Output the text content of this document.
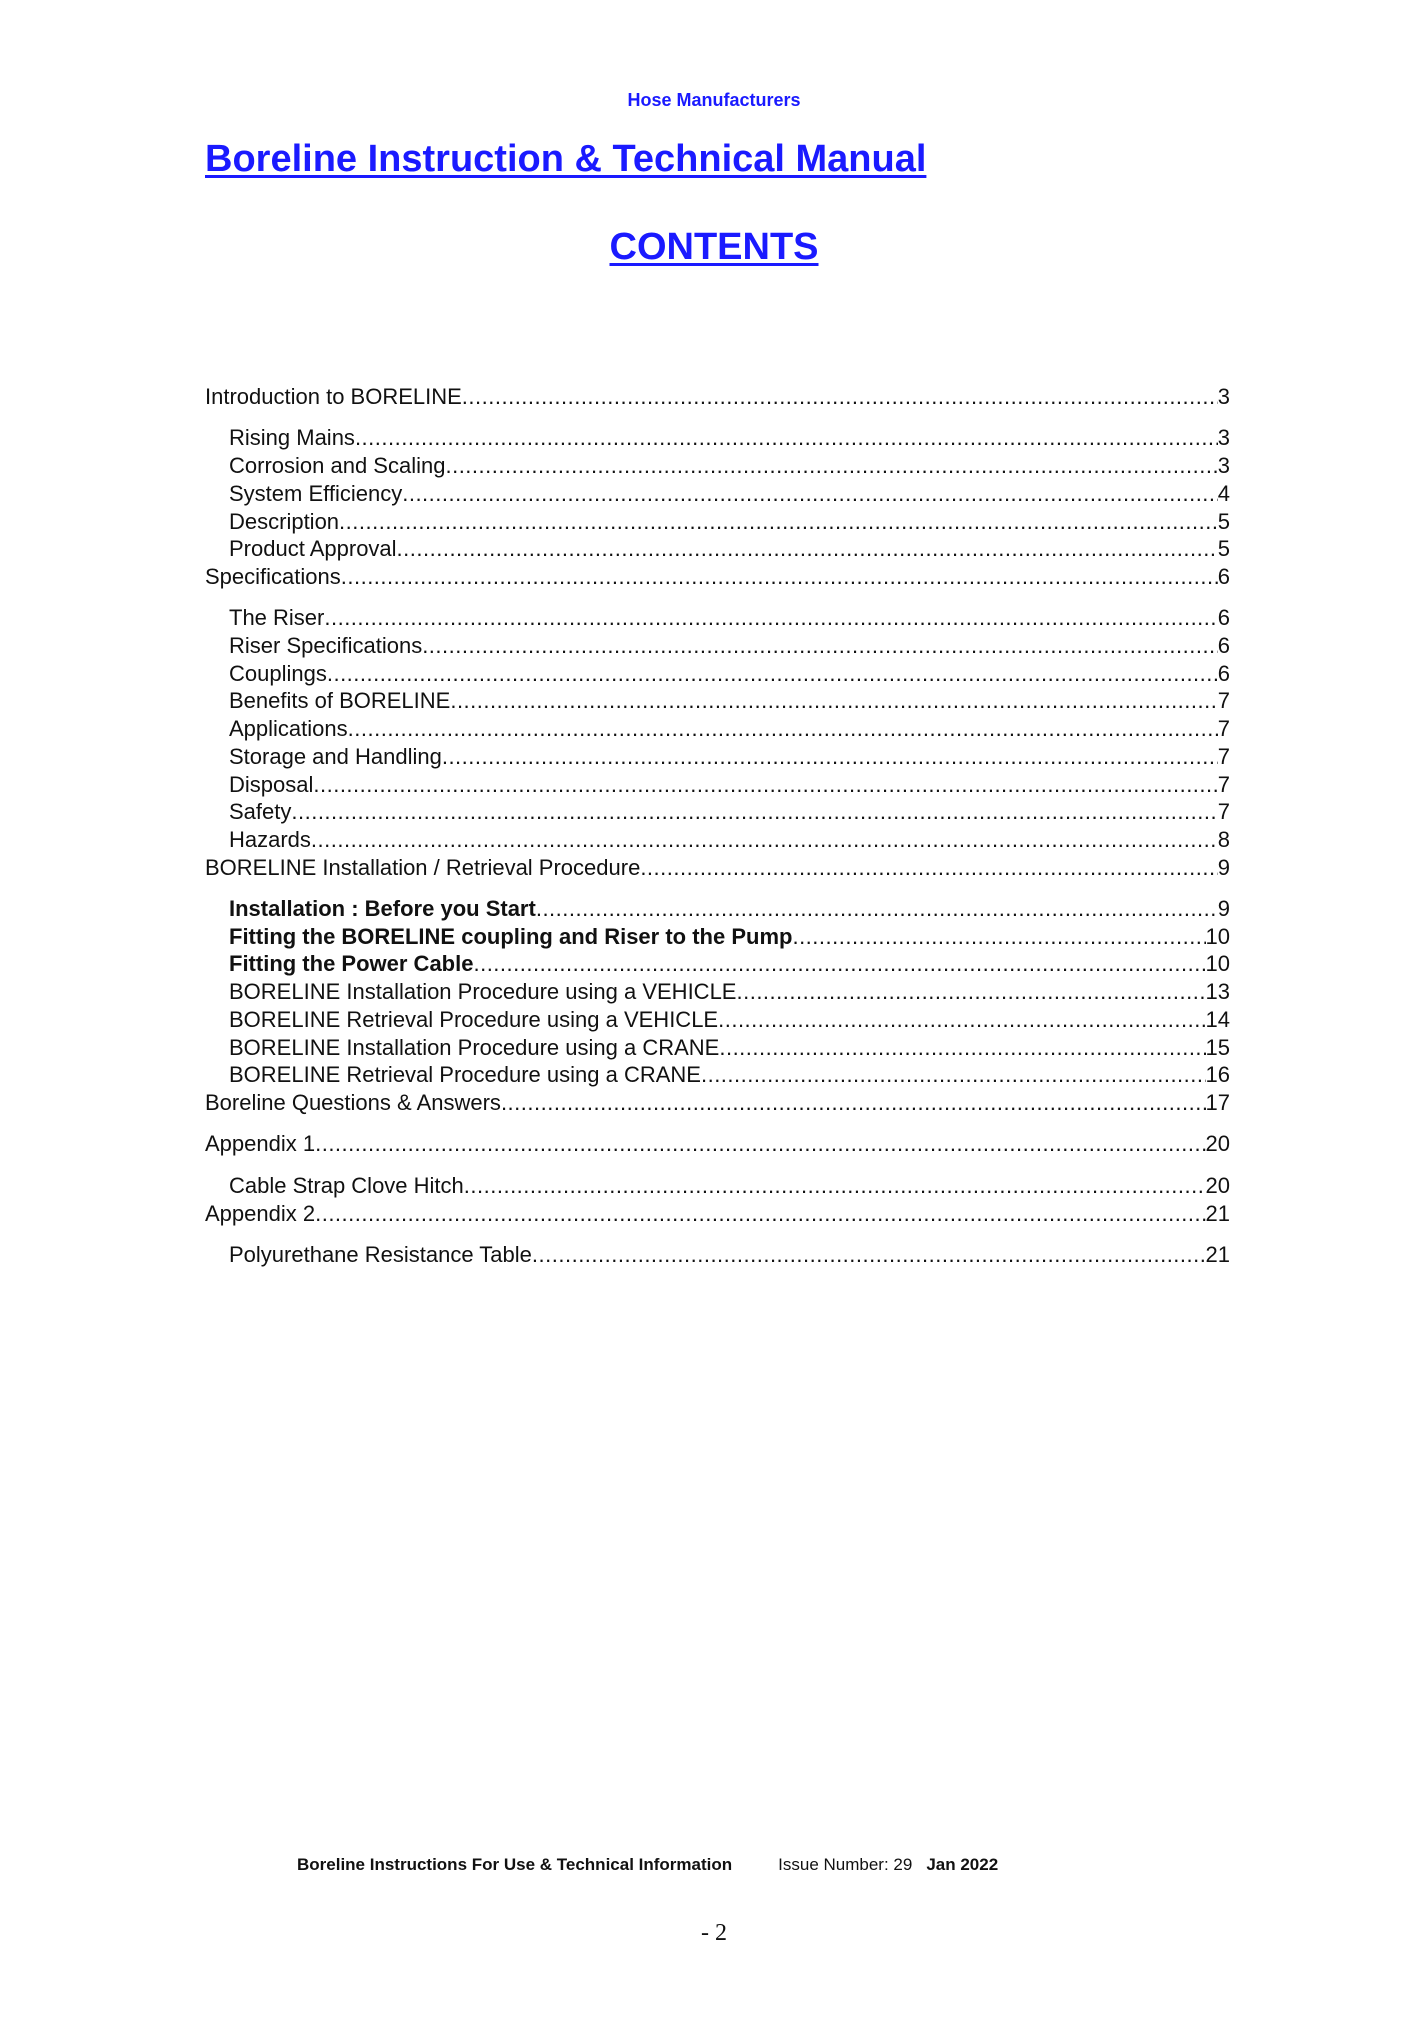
Hose Manufacturers
Boreline Instruction & Technical Manual
CONTENTS
Introduction to BORELINE .....	3
Rising Mains .....	3
Corrosion and Scaling .....	3
System Efficiency .....	4
Description .....	5
Product Approval .....	5
Specifications .....	6
The Riser .....	6
Riser Specifications .....	6
Couplings .....	6
Benefits of BORELINE .....	7
Applications .....	7
Storage and Handling .....	7
Disposal .....	7
Safety .....	7
Hazards .....	8
BORELINE Installation / Retrieval Procedure .....	9
Installation : Before you Start .....	9
Fitting the BORELINE coupling and Riser to the Pump .....	10
Fitting the Power Cable .....	10
BORELINE Installation Procedure using a VEHICLE .....	13
BORELINE Retrieval Procedure using a VEHICLE .....	14
BORELINE Installation Procedure using a CRANE .....	15
BORELINE Retrieval Procedure using a CRANE .....	16
Boreline Questions & Answers .....	17
Appendix 1 .....	20
Cable Strap Clove Hitch .....	20
Appendix 2 .....	21
Polyurethane Resistance Table .....	21
Boreline Instructions For Use & Technical Information	Issue Number: 29 Jan 2022
- 2
